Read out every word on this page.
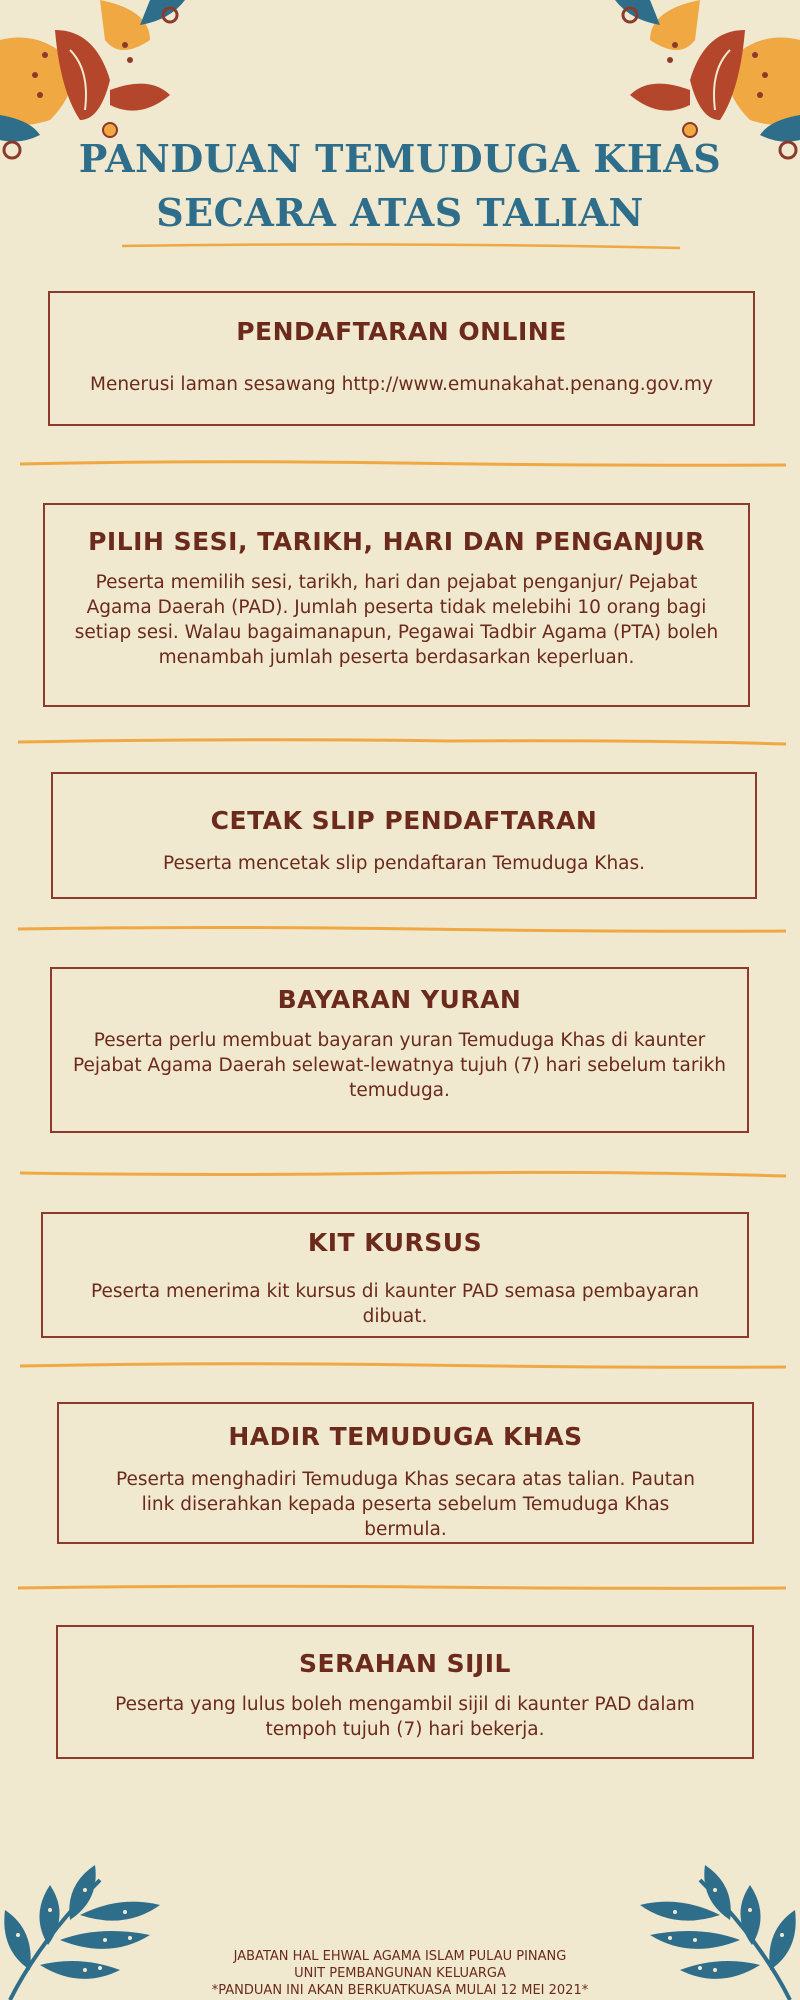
PANDUAN TEMUDUGA KHAS
SECARA ATAS TALIAN
PENDAFTARAN ONLINE

Menerusi laman sesawang http://www.emunakahat.penang.gov.my

PILIH SESI, TARIKH, HARI DAN PENGANJUR

Peserta memilih sesi, tarikh, hari dan pejabat penganjur/ Pejabat Agama Daerah (PAD). Jumlah peserta tidak melebihi 10 orang bagi setiap sesi. Walau bagaimanapun, Pegawai Tadbir Agama (PTA) boleh menambah jumlah peserta berdasarkan keperluan.

CETAK SLIP PENDAFTARAN

Peserta mencetak slip pendaftaran Temuduga Khas.

BAYARAN YURAN

Peserta perlu membuat bayaran yuran Temuduga Khas di kaunter Pejabat Agama Daerah selewat-lewatnya tujuh (7) hari sebelum tarikh temuduga.

KIT KURSUS

Peserta menerima kit kursus di kaunter PAD semasa pembayaran dibuat.

HADIR TEMUDUGA KHAS

Peserta menghadiri Temuduga Khas secara atas talian. Pautan link diserahkan kepada peserta sebelum Temuduga Khas bermula.

SERAHAN SIJIL

Peserta yang lulus boleh mengambil sijil di kaunter PAD dalam tempoh tujuh (7) hari bekerja.

JABATAN HAL EHWAL AGAMA ISLAM PULAU PINANG
UNIT PEMBANGUNAN KELUARGA
*PANDUAN INI AKAN BERKUATKUASA MULAI 12 MEI 2021*
